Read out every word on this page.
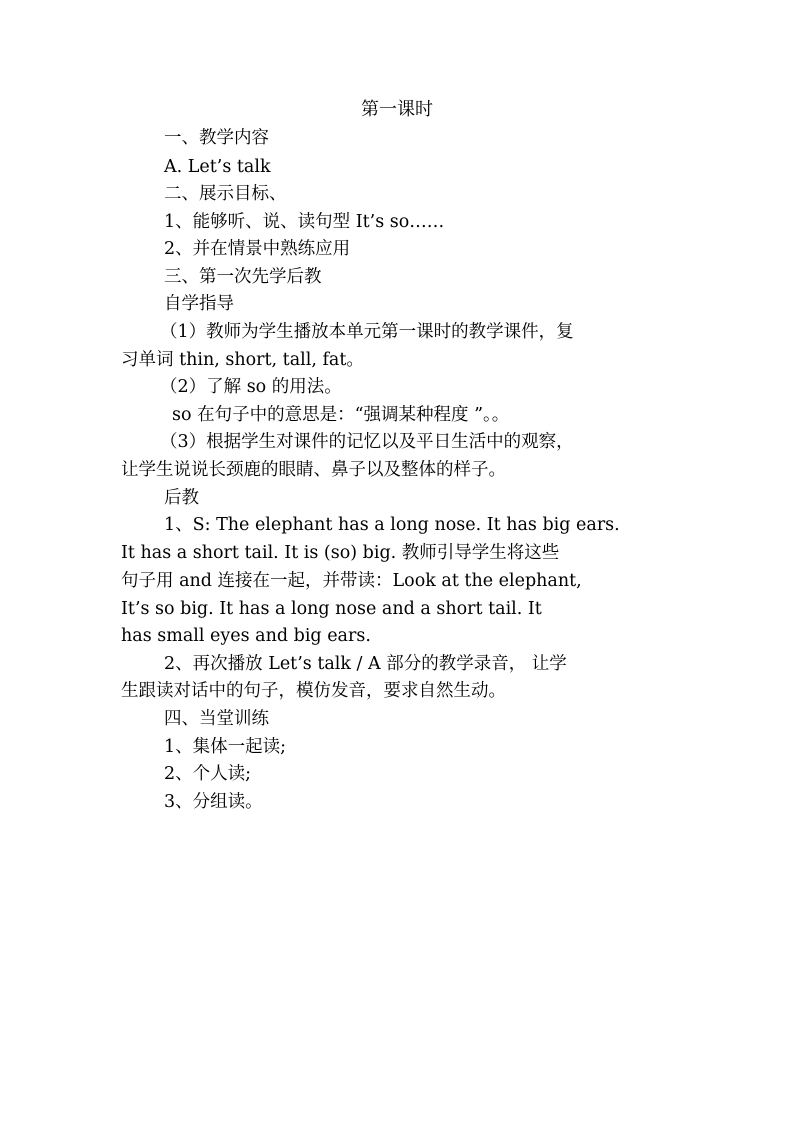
第一课时
一、教学内容
A. Let’s talk
二、展示目标、
1、能够听、说、读句型 It’s so……
2、并在情景中熟练应用
三、第一次先学后教
自学指导
（1）教师为学生播放本单元第一课时的教学课件，复
习单词 thin, short, tall, fat。
（2）了解 so 的用法。
so 在句子中的意思是：“强调某种程度 ”。。
（3）根据学生对课件的记忆以及平日生活中的观察，
让学生说说长颈鹿的眼睛、鼻子以及整体的样子。
后教
1、S: The elephant has a long nose. It has big ears.
It has a short tail. It is (so) big. 教师引导学生将这些
句子用 and 连接在一起，并带读：Look at the elephant,
It’s so big. It has a long nose and a short tail. It
has small eyes and big ears.
2、再次播放 Let’s talk / A 部分的教学录音， 让学
生跟读对话中的句子，模仿发音，要求自然生动。
四、当堂训练
1、集体一起读;
2、个人读;
3、分组读。
